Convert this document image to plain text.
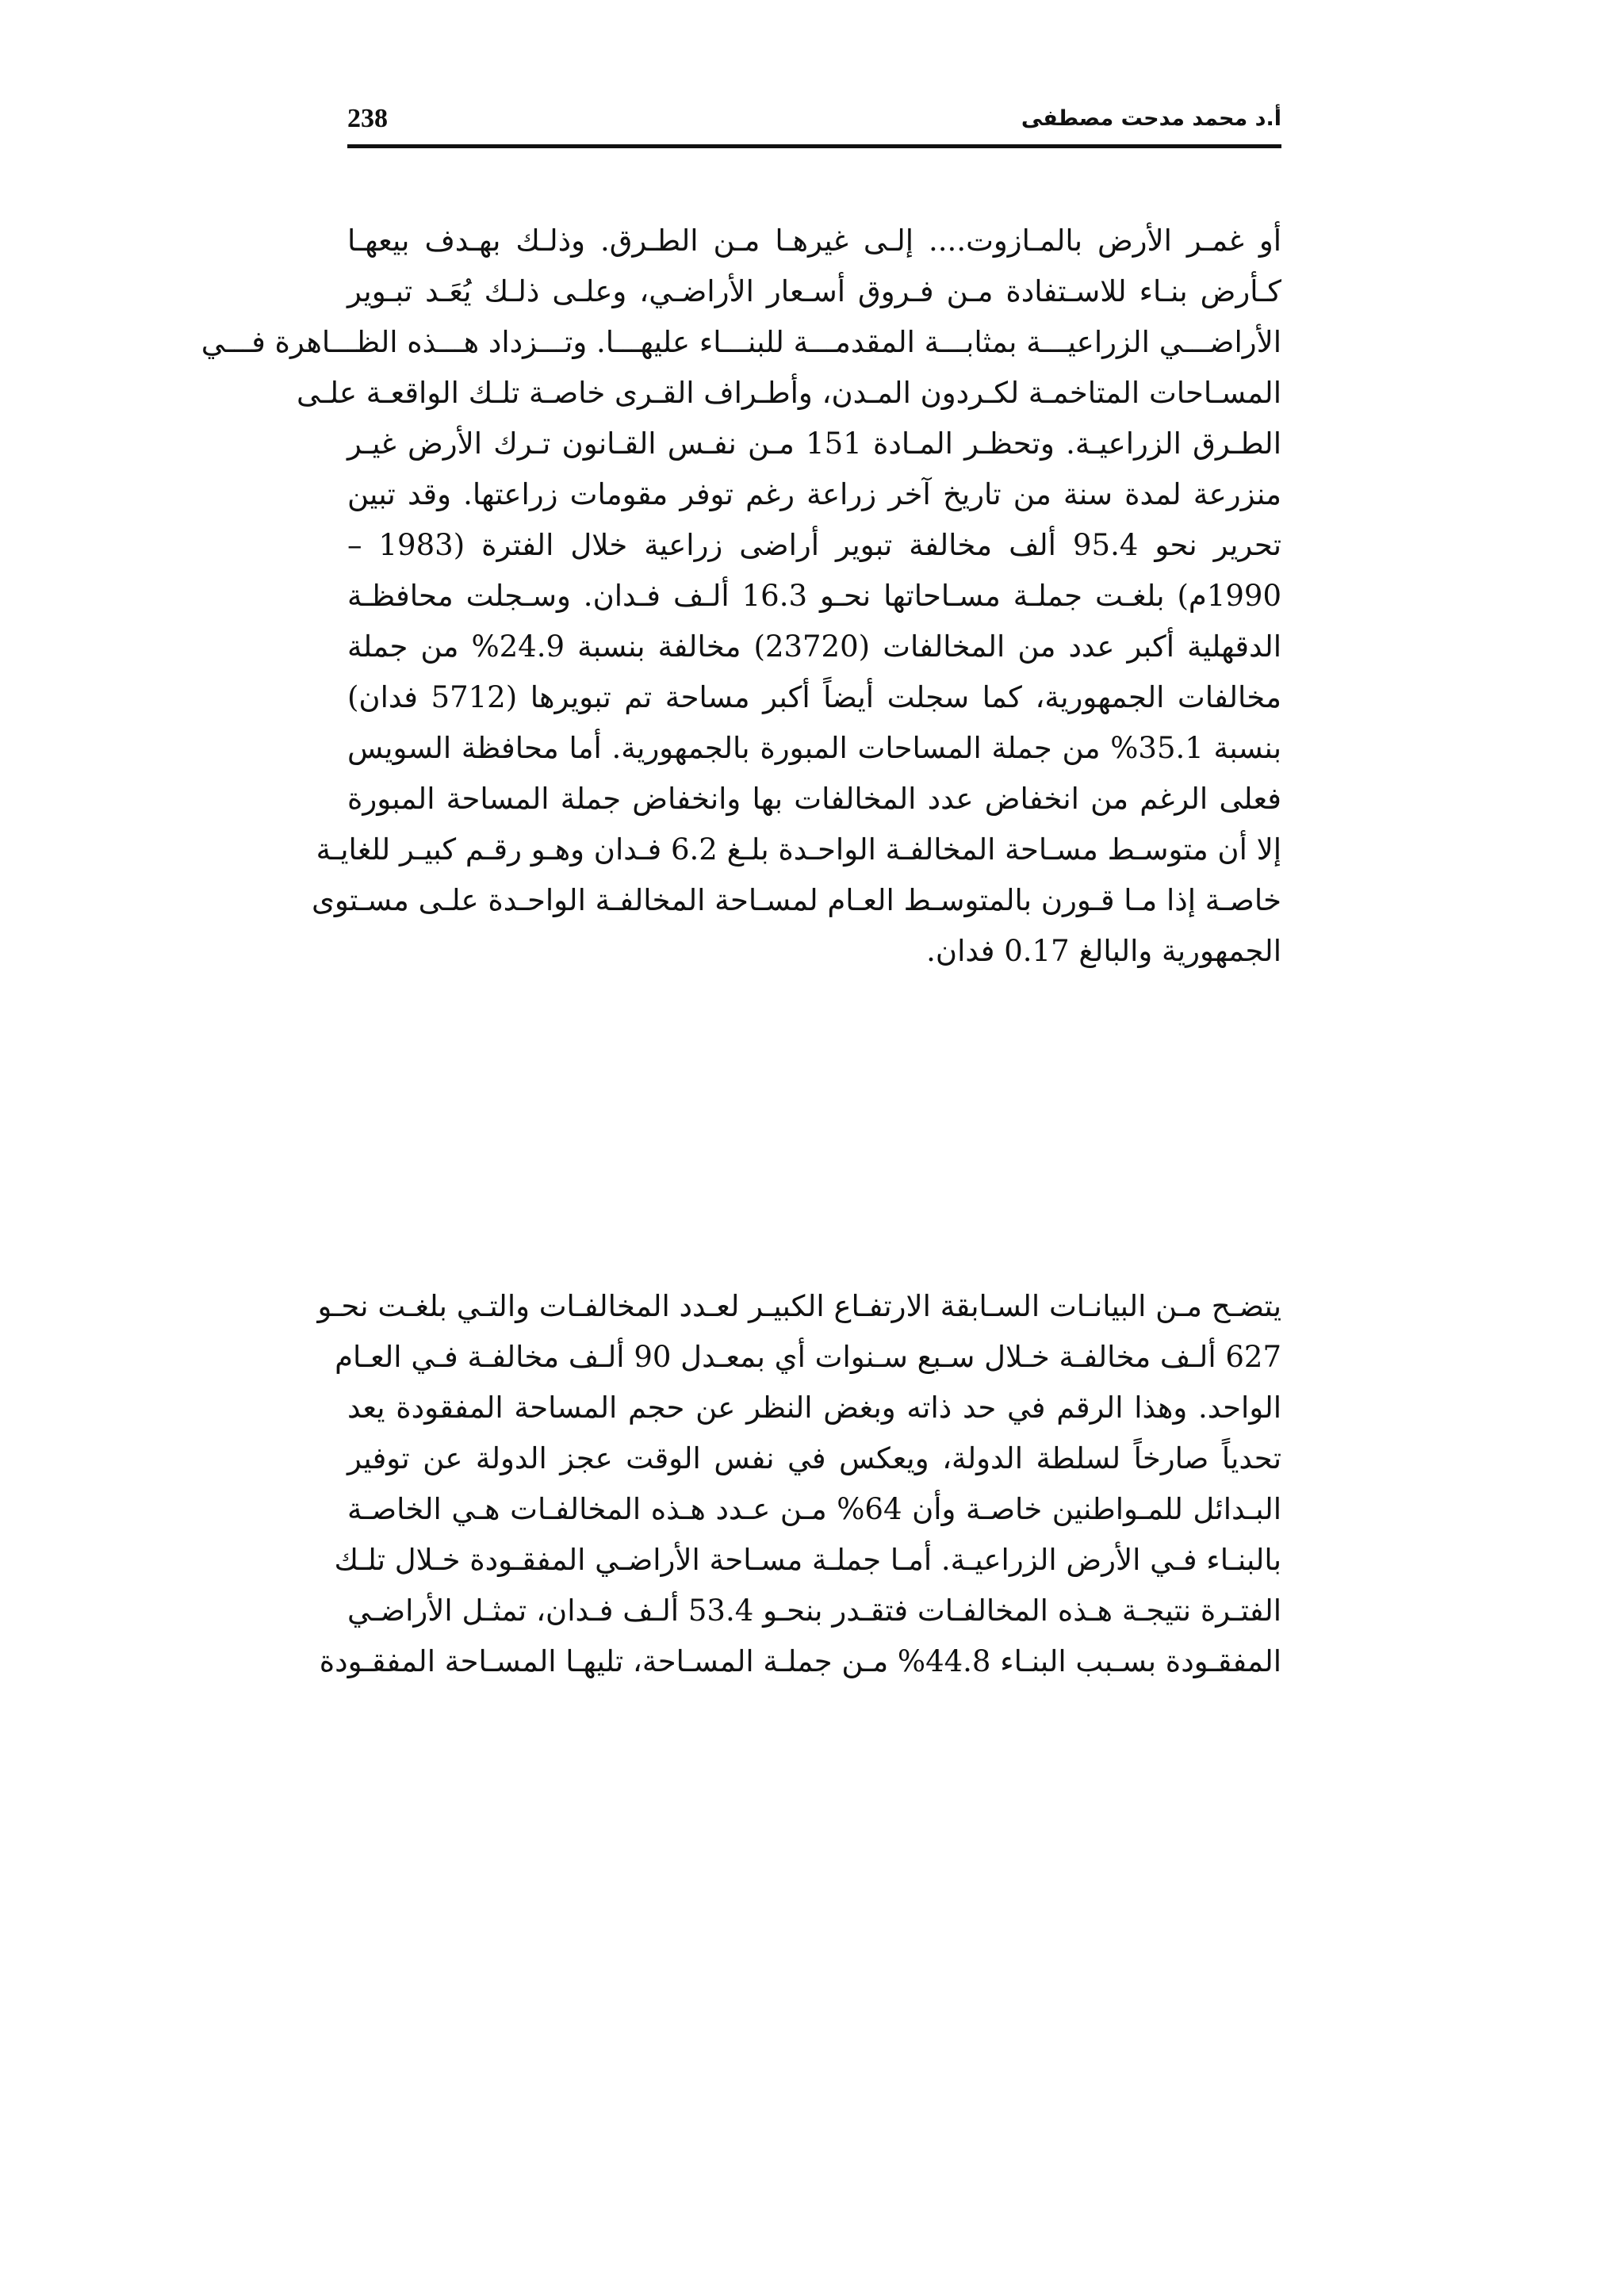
238	أ.د محمد مدحت مصطفى

أو غمـر الأرض بالمـازوت.... إلـى غيرهـا مـن الطـرق. وذلـك بهـدف بيعهـا
كـأرض بنـاء للاسـتفادة مـن فـروق أسـعار الأراضـي، وعلـى ذلـك يُعَـد تبـوير
الأراضـــي الزراعيـــة بمثابـــة المقدمـــة للبنـــاء عليهـــا. وتـــزداد هـــذه الظـــاهرة فـــي
المسـاحات المتاخمـة لكـردون المـدن، وأطـراف القـرى خاصـة تلـك الواقعـة علـى
الطـرق الزراعيـة. وتحظـر المـادة 151 مـن نفـس القـانون تـرك الأرض غيـر
منزرعة لمدة سنة من تاريخ آخر زراعة رغم توفر مقومات زراعتها. وقد تبين
تحرير نحو 95.4 ألف مخالفة تبوير أراضى زراعية خلال الفترة (1983 –
1990م) بلغـت جملـة مسـاحاتها نحـو 16.3 ألـف فـدان. وسـجلت محافظـة
الدقهلية أكبر عدد من المخالفات (23720) مخالفة بنسبة 24.9% من جملة
مخالفات الجمهورية، كما سجلت أيضاً أكبر مساحة تم تبويرها (5712 فدان)
بنسبة 35.1% من جملة المساحات المبورة بالجمهورية. أما محافظة السويس
فعلى الرغم من انخفاض عدد المخالفات بها وانخفاض جملة المساحة المبورة
إلا أن متوسـط مسـاحة المخالفـة الواحـدة بلـغ 6.2 فـدان وهـو رقـم كبيـر للغايـة
خاصـة إذا مـا قـورن بالمتوسـط العـام لمسـاحة المخالفـة الواحـدة علـى مسـتوى
الجمهورية والبالغ 0.17 فدان.

يتضـح مـن البيانـات السـابقة الارتفـاع الكبيـر لعـدد المخالفـات والتـي بلغـت نحـو
627 ألـف مخالفـة خـلال سـبع سـنوات أي بمعـدل 90 ألـف مخالفـة فـي العـام
الواحد. وهذا الرقم في حد ذاته وبغض النظر عن حجم المساحة المفقودة يعد
تحدياً صارخاً لسلطة الدولة، ويعكس في نفس الوقت عجز الدولة عن توفير
البـدائل للمـواطنين خاصـة وأن 64% مـن عـدد هـذه المخالفـات هـي الخاصـة
بالبنـاء فـي الأرض الزراعيـة. أمـا جملـة مسـاحة الأراضـي المفقـودة خـلال تلـك
الفتـرة نتيجـة هـذه المخالفـات فتقـدر بنحـو 53.4 ألـف فـدان، تمثـل الأراضـي
المفقـودة بسـبب البنـاء 44.8% مـن جملـة المسـاحة، تليهـا المسـاحة المفقـودة
